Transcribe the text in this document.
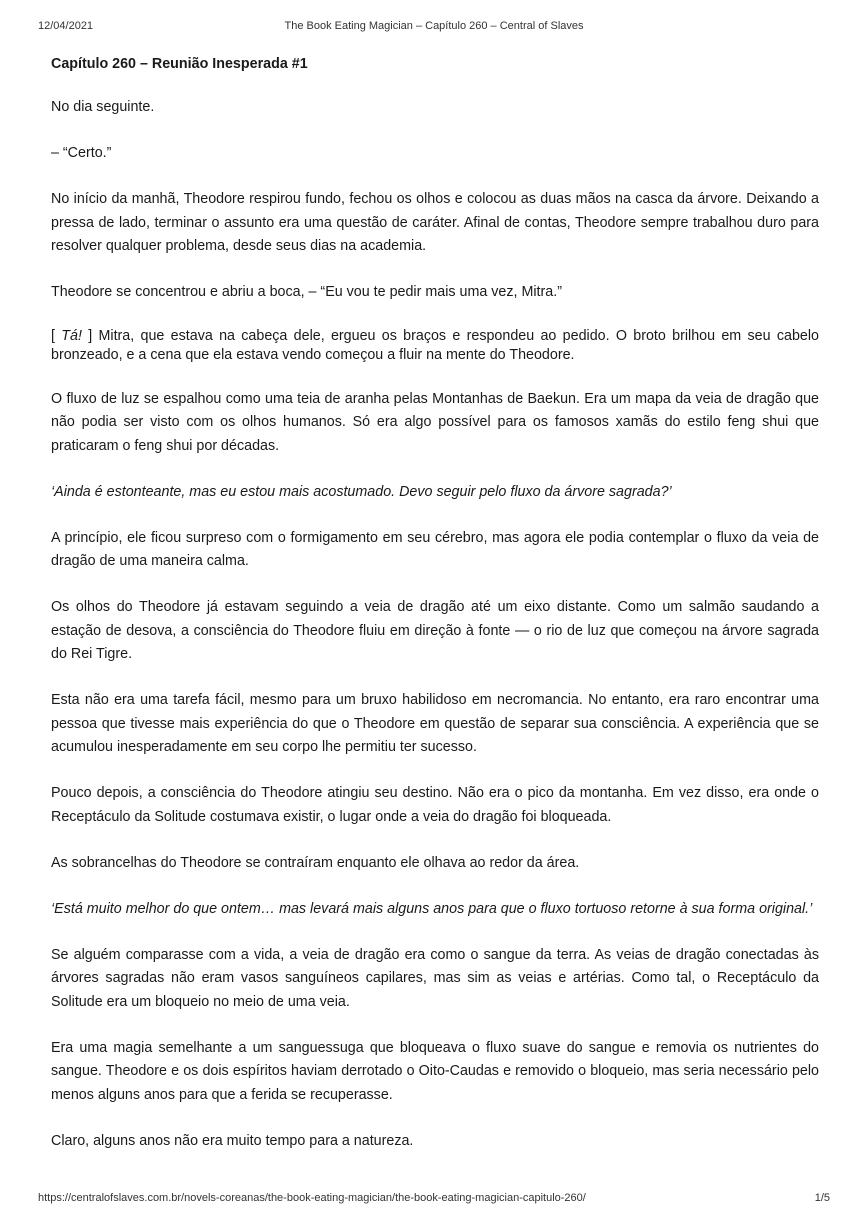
12/04/2021	The Book Eating Magician – Capítulo 260 – Central of Slaves
Capítulo 260 – Reunião Inesperada #1

No dia seguinte.

– “Certo.”

No início da manhã, Theodore respirou fundo, fechou os olhos e colocou as duas mãos na casca da árvore. Deixando a pressa de lado, terminar o assunto era uma questão de caráter. Afinal de contas, Theodore sempre trabalhou duro para resolver qualquer problema, desde seus dias na academia.

Theodore se concentrou e abriu a boca, – “Eu vou te pedir mais uma vez, Mitra.”

[ Tá! ] Mitra, que estava na cabeça dele, ergueu os braços e respondeu ao pedido. O broto brilhou em seu cabelo bronzeado, e a cena que ela estava vendo começou a fluir na mente do Theodore.

O fluxo de luz se espalhou como uma teia de aranha pelas Montanhas de Baekun. Era um mapa da veia de dragão que não podia ser visto com os olhos humanos. Só era algo possível para os famosos xamãs do estilo feng shui que praticaram o feng shui por décadas.

‘Ainda é estonteante, mas eu estou mais acostumado. Devo seguir pelo fluxo da árvore sagrada?’

A princípio, ele ficou surpreso com o formigamento em seu cérebro, mas agora ele podia contemplar o fluxo da veia de dragão de uma maneira calma.

Os olhos do Theodore já estavam seguindo a veia de dragão até um eixo distante. Como um salmão saudando a estação de desova, a consciência do Theodore fluiu em direção à fonte — o rio de luz que começou na árvore sagrada do Rei Tigre.

Esta não era uma tarefa fácil, mesmo para um bruxo habilidoso em necromancia. No entanto, era raro encontrar uma pessoa que tivesse mais experiência do que o Theodore em questão de separar sua consciência. A experiência que se acumulou inesperadamente em seu corpo lhe permitiu ter sucesso.

Pouco depois, a consciência do Theodore atingiu seu destino. Não era o pico da montanha. Em vez disso, era onde o Receptáculo da Solitude costumava existir, o lugar onde a veia do dragão foi bloqueada.

As sobrancelhas do Theodore se contraíram enquanto ele olhava ao redor da área.

‘Está muito melhor do que ontem… mas levará mais alguns anos para que o fluxo tortuoso retorne à sua forma original.’

Se alguém comparasse com a vida, a veia de dragão era como o sangue da terra. As veias de dragão conectadas às árvores sagradas não eram vasos sanguíneos capilares, mas sim as veias e artérias. Como tal, o Receptáculo da Solitude era um bloqueio no meio de uma veia.

Era uma magia semelhante a um sanguessuga que bloqueava o fluxo suave do sangue e removia os nutrientes do sangue. Theodore e os dois espíritos haviam derrotado o Oito-Caudas e removido o bloqueio, mas seria necessário pelo menos alguns anos para que a ferida se recuperasse.

Claro, alguns anos não era muito tempo para a natureza.

https://centralofslaves.com.br/novels-coreanas/the-book-eating-magician/the-book-eating-magician-capitulo-260/	1/5
